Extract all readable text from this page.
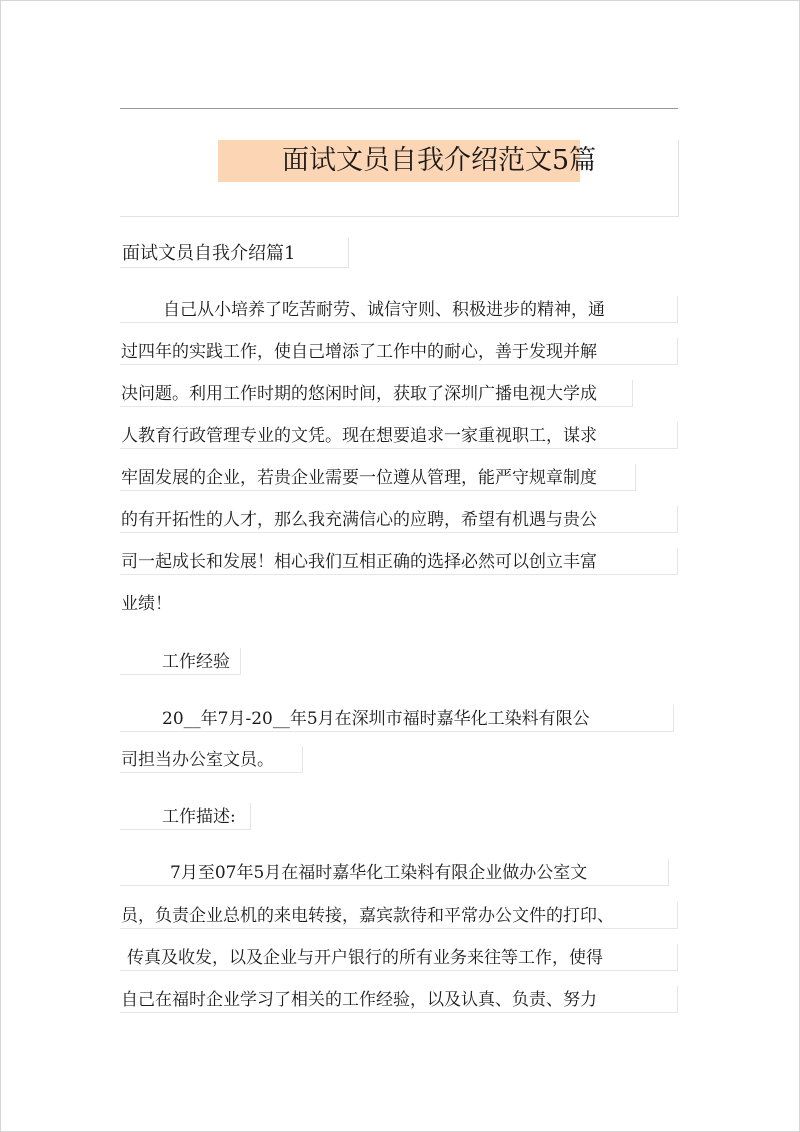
面试文员自我介绍范文5篇
面试文员自我介绍篇1
自己从小培养了吃苦耐劳、诚信守则、积极进步的精神，通
过四年的实践工作，使自己增添了工作中的耐心，善于发现并解
决问题。利用工作时期的悠闲时间，获取了深圳广播电视大学成
人教育行政管理专业的文凭。现在想要追求一家重视职工，谋求
牢固发展的企业，若贵企业需要一位遵从管理，能严守规章制度
的有开拓性的人才，那么我充满信心的应聘，希望有机遇与贵公
司一起成长和发展！相心我们互相正确的选择必然可以创立丰富
业绩！
工作经验
20__年7月-20__年5月在深圳市福时嘉华化工染料有限公
司担当办公室文员。
工作描述:
7月至07年5月在福时嘉华化工染料有限企业做办公室文
员，负责企业总机的来电转接，嘉宾款待和平常办公文件的打印、
传真及收发，以及企业与开户银行的所有业务来往等工作，使得
自己在福时企业学习了相关的工作经验，以及认真、负责、努力
